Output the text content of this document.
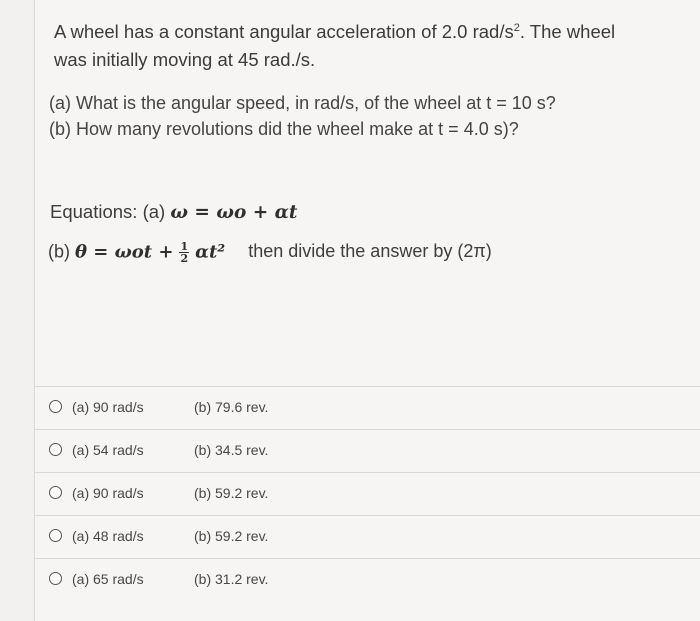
A wheel has a constant angular acceleration of 2.0 rad/$s^2$. The wheel
was initially moving at 45 rad./s.
(a) What is the angular speed, in rad/s, of the wheel at t = 10 s?
(b) How many revolutions did the wheel make at t = 4.0 s)?
Equations: (a) ω = ωo + αt
(b) $\theta = \omega ot + \frac{1}{2} \alpha t^2$ then divide the answer by (2π)
(a) 90 rad/s	(b) 79.6 rev.
(a) 54 rad/s	(b) 34.5 rev.
(a) 90 rad/s	(b) 59.2 rev.
(a) 48 rad/s	(b) 59.2 rev.
(a) 65 rad/s	(b) 31.2 rev.
